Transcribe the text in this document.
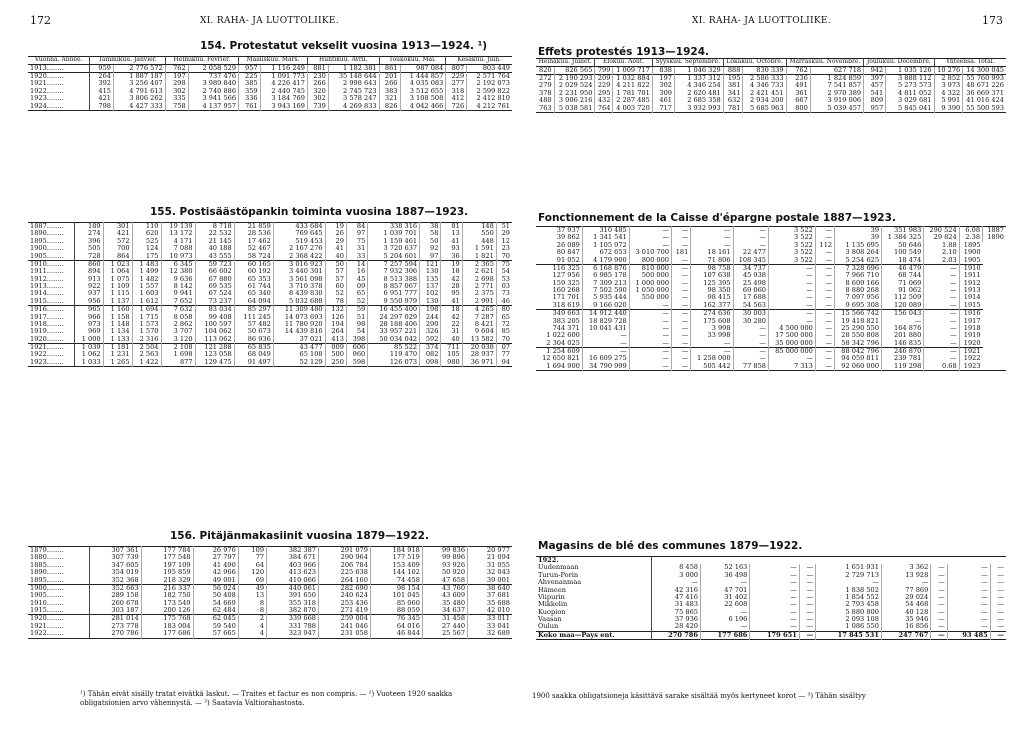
172	XI. RAHA- JA LUOTTOLIIKE.
154. Protestatut vekselit vuosina 1913—1924. ¹)
Vuonna. Année.	Tammikuu. Janvier.		Helmikuu. Février.		Maaliskuu. Mars.		Huhtikuu. Avril.		Toukokuu. Mai.		Kesäkuu. Juin.	
1913........	959	2 776 572	762	2 058 529	957	1 116 249	881	1 182 381	861	987 084	807	803 449
1920........	264	1 887 187	197	737 476	225	1 091 773	230	35 148 644	201	1 444 857	229	2 571 764
1921........	392	3 256 407	298	3 989 840	385	4 226 417	266	2 998 643	266	4 035 083	277	2 192 073
1922........	415	4 791 613	302	2 740 886	359	2 440 745	320	2 745 723	383	3 512 655	318	2 599 822
1923........	421	3 806 262	335	3 941 566	336	3 184 769	302	3 578 247	321	3 108 508	412	2 412 810
1924........	798	4 427 333	758	4 137 957	761	3 943 169	739	4 269 833	826	4 042 466	726	4 212 761
155. Postisäästöpankin toiminta vuosina 1887—1923.
1887........	189	301	110	19 139	8 718	21 859	433 684	19	84	338 316	38	81	148	51
1890........	274	421	620	13 172	22 532	28 536	769 645	26	97	1 039 701	58	13	550	29
1895........	396	572	525	4 171	21 145	17 462	519 453	29	75	1 159 461	50	41	448	12
1900........	505	700	124	7 088	40 188	52 467	2 167 276	41	31	3 720 637	92	93	1 591	23
1905........	728	864	175	10 973	43 555	58 724	2 368 422	40	33	5 204 601	97	36	1 821	70
1910........	860	1 023	1 483	6 345	59 723	60 165	3 016 923	50	14	7 257 594	121	19	2 365	75
1911........	894	1 064	1 499	12 380	66 602	60 192	3 440 301	57	16	7 932 306	130	18	2 621	54
1912........	913	1 075	1 482	9 636	67 880	65 353	3 561 098	57	45	8 513 388	135	42	2 698	53
1913........	922	1 109	1 557	8 142	69 535	61 744	3 710 378	60	09	8 857 067	137	28	2 771	03
1914........	937	1 115	1 603	9 941	67 524	65 340	8 439 830	52	65	6 951 777	102	95	2 375	73
1915........	956	1 137	1 612	7 652	73 237	64 094	5 032 688	78	52	9 550 979	130	41	2 991	46
1916........	965	1 160	1 694	7 632	83 034	85 297	11 309 480	132	59	16 455 400	198	18	4 265	80
1917........	966	1 158	1 715	8 058	99 408	111 245	14 073 693	126	51	24 297 029	244	42	7 287	65
1918........	973	1 148	1 573	2 862	100 597	57 482	11 780 920	194	98	28 188 406	290	22	8 421	72
1919........	969	1 134	1 570	3 707	104 062	50 673	14 439 816	264	54	33 957 221	326	31	9 604	85
1920........	1 000	1 133	2 316	3 120	113 062	86 936	37 021	413	398	50 034 042	592	40	13 582	70
1921........	1 039	1 181	2 504	2 108	121 288	65 835	43 477	009	606	85 522	374	711	20 038	07
1922........	1 062	1 231	2 563	1 698	123 058	68 049	65 108	500	960	119 470	082	105	28 937	77
1923........	1 033	1 265	1 422	877	129 475	91 497	52 129	250	598	126 073	098	980	36 971	94
156. Pitäjänmakasiinit vuosina 1879—1922.
1879........	307 361	177 784	26 976	109	382 387	291 079	184 918	99 836	20 977
1880........	307 739	177 548	27 797	77	384 671	290 964	177 519	99 896	21 094
1885........	347 605	197 109	41 490	64	403 966	206 784	153 409	93 926	31 055
1890........	354 019	195 859	42 966	120	413 623	225 638	144 102	50 920	32 043
1895........	352 368	218 329	49 001	69	410 066	264 160	74 458	47 658	39 001
1900........	352 663	216 337	56 024	49	440 061	282 690	98 154	43 760	38 640
1905........	289 158	182 750	50 408	13	391 650	240 624	101 045	43 609	37 681
1910........	260 678	173 549	54 669	8	355 318	253 436	85 060	35 480	35 688
1915........	303 187	200 126	62 484	8	382 870	271 419	88 059	34 637	42 010
1920........	281 014	175 768	62 045	2	339 668	259 004	76 345	31 458	33 011
1921........	273 778	183 004	59 540	4	331 788	241 046	64 016	27 440	33 041
1922........	270 786	177 686	57 665	4	323 947	231 058	46 844	25 567	32 689
¹) Tähän eivät sisälly tratat eivätkä laskut. — Traites et factur es non compris. — ²) Vuoteen 1920 saakka obligatsionien arvo vähennystä. — ³) Saatavia Valtiorahastosta.
XI. RAHA- JA LUOTTOLIIKE.	173
Effets protestés 1913—1924.
Heinäkuu. Juillet.		Elokuu. Août.		Syyskuu. Septembre.		Lokakuu. Octobre.		Marraskuu. Novembre.		Joulukuu. Décembre.		Yhteensä. Total.	
820	826 565	799	1 009 717	838	1 046 329	888	830 339	762	627 718	942	1 035 126	10 276	14 300 045
272	2 190 293	209	1 032 884	197	1 337 312	195	2 586 333	236	1 824 859	397	3 888 112	2 852	55 760 993
279	2 029 524	229	4 211 822	302	4 346 254	381	4 346 733	491	7 541 857	457	5 273 573	3 973	48 671 226
378	2 231 950	295	1 781 701	309	2 620 481	341	2 421 451	361	2 970 389	541	4 811 052	4 322	36 669 371
480	3 006 216	432	2 287 485	461	2 685 358	632	2 934 200	667	3 919 006	809	3 029 681	5 991	41 016 424
763	5 038 581	764	4 003 720	717	3 932 993	781	5 685 963	800	5 039 457	957	5 845 041	9 390	55 500 593
Fonctionnement de la Caisse d'épargne postale 1887—1923.
37 937	310 485	—	—	—	—	3 522	—	39	351 983	290 524	6.08	1887
39 862	1 341 541	—	—	—	—	3 522	—	39	1 384 325	29 824	2.38	1890
26 089	1 105 972	—	—	—	—	3 522	112	1 135 695	50 646	1.88	1895	
80 847	672 653	3 010 700	181	18 161	22 477	3 522	—	3 808 264	100 549	2.10	1900	
91 052	4 179 900	800 000	—	71 806	108 345	3 522	—	5 254 625	18 474	2.03	1905	
116 325	6 168 876	810 000	—	98 758	34 737	—	—	7 328 696	46 479	—	1910	
127 956	6 985 178	500 000	—	107 638	45 938	—	—	7 966 710	68 744	—	1911	
159 325	7 309 213	1 000 000	—	125 395	25 498	—	—	8 609 166	71 069	—	1912	
160 268	7 502 590	1 050 000	—	98 350	69 060	—	—	8 880 268	91 062	—	1913	
171 701	5 935 444	550 000	—	98 415	17 688	—	—	7 097 956	112 509	—	1914	
318 619	9 166 020	—	—	162 377	54 563	—	—	9 695 308	120 089	—	1915	
349 663	14 912 440	—	—	274 636	30 003	—	—	15 566 742	156 043	—	1916	
383 205	18 829 728	—	—	175 608	30 280	—	—	19 418 821	—	—	1917	
744 371	10 041 431	—	—	3 998	—	4 500 000	—	25 290 550	164 876	—	1918	
1 022 600	—	—	—	33 998	—	17 500 000	—	28 550 808	201 880	—	1919	
2 304 025	—	—	—	—	—	35 000 000	—	58 342 796	146 835	—	1920	
1 254 609	—	—	—	—	—	85 000 000	—	88 042 796	246 870	—	1921	
12 650 821	16 609 275	—	—	1 258 000	—	—	—	94 059 811	239 781	—	1922	
1 694 900	34 790 999	—	—	505 442	77 858	7 313	—	92 060 000	119 298	0.68	1923	
Magasins de blé des communes 1879—1922.
1922.									
Uudenmaan	8 458	52 163	—	—	1 651 931	3 362	—	—	—
Turun-Porin	3 000	36 498	—	—	2 729 713	13 928	—	—	—
Ahvenanmaa	—	—	—	—	—	—	—	—	—
Hämeen	42 316	47 701	—	—	1 838 502	77 869	—	—	—
Viipurin	47 416	31 402	—	—	1 854 552	29 024	—	—	—
Mikkelin	31 483	22 608	—	—	2 793 458	54 468	—	—	—
Kuopion	75 865	—	—	—	5 880 800	40 128	—	—	—
Vaasan	37 936	6 196	—	—	2 093 108	35 946	—	—	—
Oulun	28 420	—	—	—	1 086 550	16 856	—	—	—
Koko maa—Pays ent.	270 786	177 686	179 651	—	17 845 531	247 767	—	93 485	—
1900 saakka obligatsioneja käsittävä sarake sisältää myös kertyneet korot — ³) Tähän sisältyy
